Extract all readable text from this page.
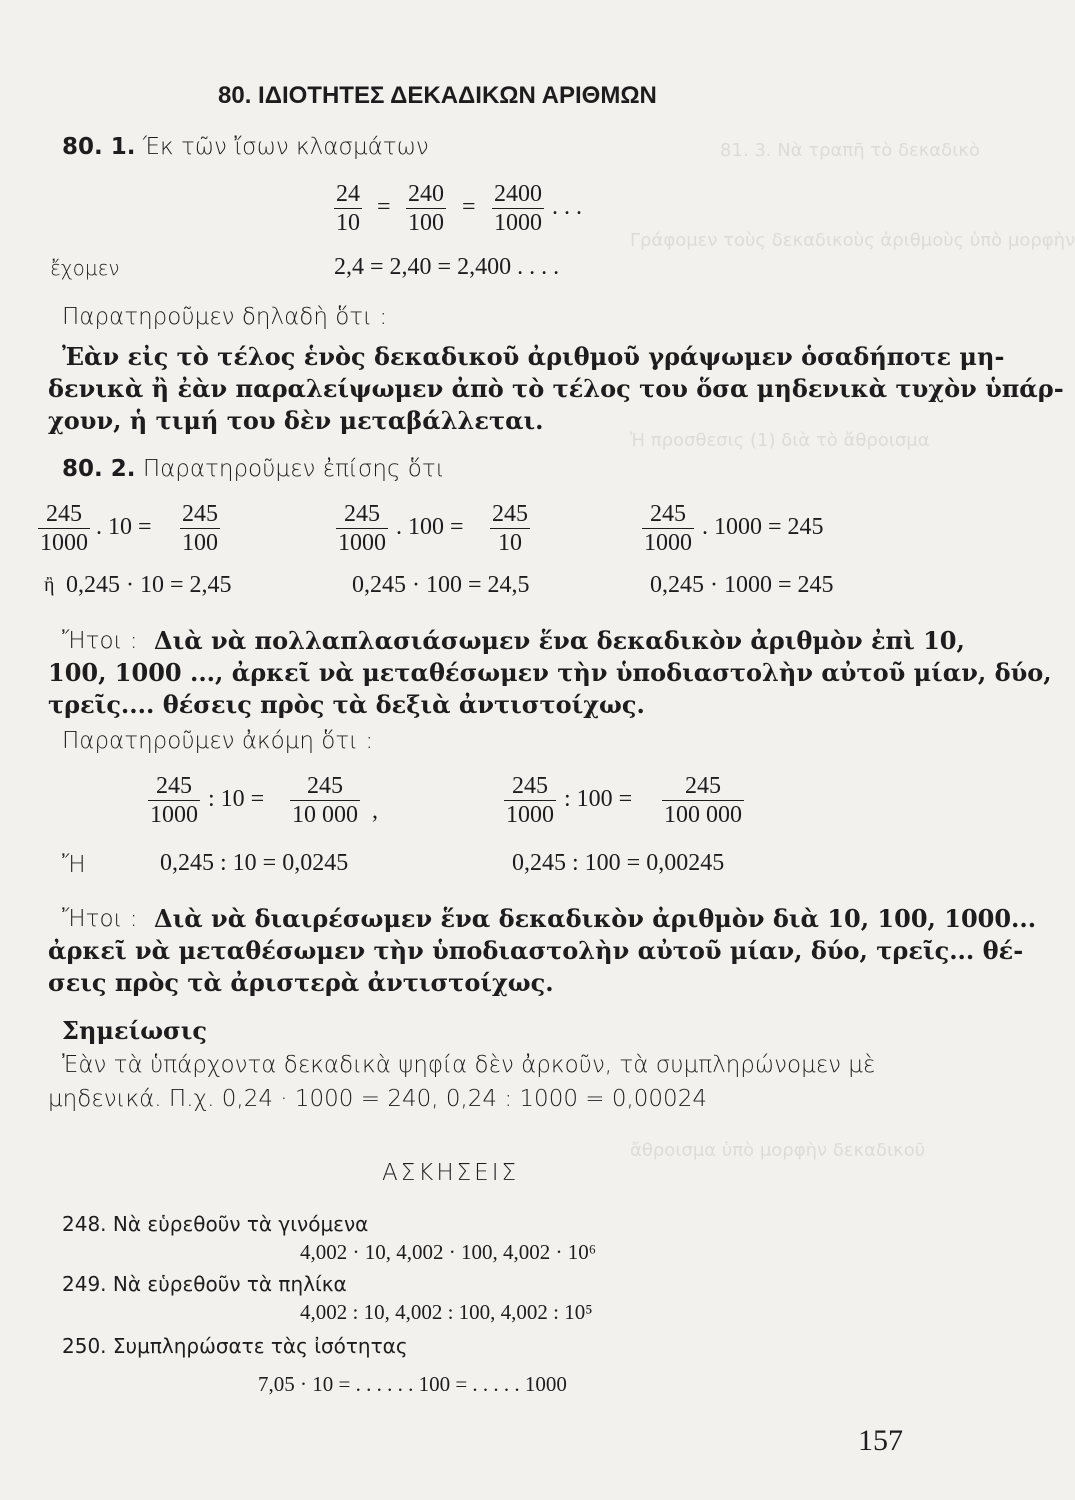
81. 3. Νὰ τραπῆ τὸ δεκαδικὸ
Γράφομεν τοὺς δεκαδικοὺς ἀριθμοὺς ὑπὸ μορφὴν
Ἡ προσθεσις (1) διὰ τὸ ἄθροισμα
ἄθροισμα ὑπὸ μορφὴν δεκαδικοῦ
80. ΙΔΙΟΤΗΤΕΣ ΔΕΚΑΔΙΚΩΝ ΑΡΙΘΜΩΝ
80. 1. Έκ τῶν ἴσων κλασμάτων
$\frac{24}{10} = \frac{240}{100} = \frac{2400}{1000}$ . . .
ἔχομεν	2,4 = 2,40 = 2,400 . . . .
Παρατηροῦμεν δηλαδὴ ὅτι :
Ἐὰν εἰς τὸ τέλος ἑνὸς δεκαδικοῦ ἀριθμοῦ γράψωμεν ὁσαδήποτε μη-
δενικὰ ἢ ἐὰν παραλείψωμεν ἀπὸ τὸ τέλος του ὅσα μηδενικὰ τυχὸν ὑπάρ-
χουν, ἡ τιμή του δὲν μεταβάλλεται.
80. 2. Παρατηροῦμεν ἐπίσης ὅτι
$\frac{245}{1000}$ . $10 = \frac{245}{100}$	$\frac{245}{1000}$ . $100 = \frac{245}{10}$	$\frac{245}{1000}$ . 1000 = 245
ἢ 0,245 · 10 = 2,45	0,245 · 100 = 24,5	0,245 · 1000 = 245
Ἤτοι : Διὰ νὰ πολλαπλασιάσωμεν ἕνα δεκαδικὸν ἀριθμὸν ἐπὶ 10,
100, 1000 ..., ἀρκεῖ νὰ μεταθέσωμεν τὴν ὑποδιαστολὴν αὐτοῦ μίαν, δύο,
τρεῖς.... θέσεις πρὸς τὰ δεξιὰ ἀντιστοίχως.
Παρατηροῦμεν ἀκόμη ὅτι :
$\frac{245}{1000}$ : $10 = \frac{245}{10 000}$ ,	$\frac{245}{1000}$ : $100 = \frac{245}{100 000}$
Ἤ	0,245 : 10 = 0,0245	0,245 : 100 = 0,00245
Ἤτοι : Διὰ νὰ διαιρέσωμεν ἕνα δεκαδικὸν ἀριθμὸν διὰ 10, 100, 1000...
ἀρκεῖ νὰ μεταθέσωμεν τὴν ὑποδιαστολὴν αὐτοῦ μίαν, δύο, τρεῖς... θέ-
σεις πρὸς τὰ ἀριστερὰ ἀντιστοίχως.
Σημείωσις
Ἐὰν τὰ ὑπάρχοντα δεκαδικὰ ψηφία δὲν ἀρκοῦν, τὰ συμπληρώνομεν μὲ
μηδενικά. Π.χ. 0,24 · 1000 = 240, 0,24 : 1000 = 0,00024
ΑΣΚΗΣΕΙΣ
248. Νὰ εὑρεθοῦν τὰ γινόμενα
4,002 · 10, 4,002 · 100, 4,002 · 10⁶
249. Νὰ εὑρεθοῦν τὰ πηλίκα
4,002 : 10, 4,002 : 100, 4,002 : 10⁵
250. Συμπληρώσατε τὰς ἰσότητας
7,05 · 10 = . . . . . . 100 = . . . . . 1000
157
